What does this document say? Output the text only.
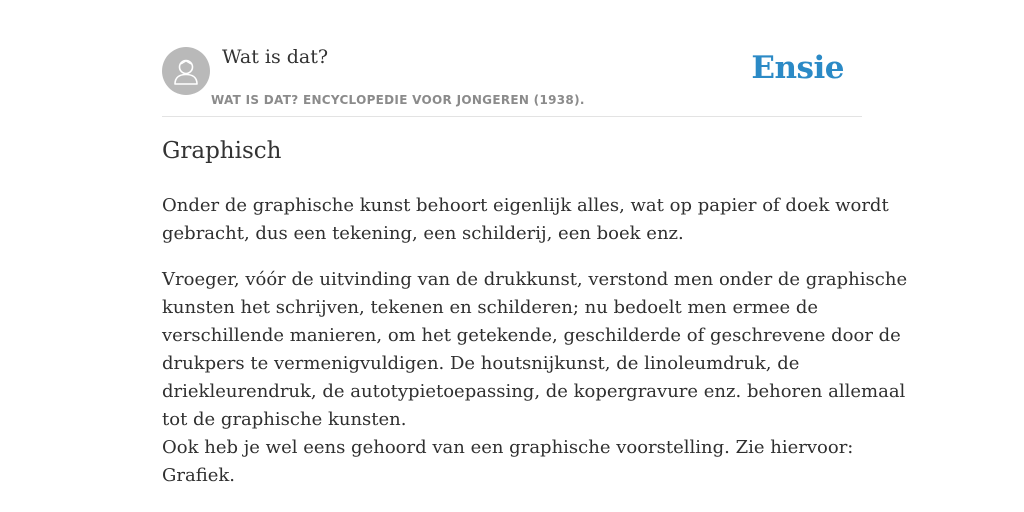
Wat is dat?
WAT IS DAT? ENCYCLOPEDIE VOOR JONGEREN (1938).
Ensie
Graphisch

Onder de graphische kunst behoort eigenlijk alles, wat op papier of doek wordt
gebracht, dus een tekening, een schilderij, een boek enz.

Vroeger, vóór de uitvinding van de drukkunst, verstond men onder de graphische
kunsten het schrijven, tekenen en schilderen; nu bedoelt men ermee de
verschillende manieren, om het getekende, geschilderde of geschrevene door de
drukpers te vermenigvuldigen. De houtsnijkunst, de linoleumdruk, de
driekleurendruk, de autotypietoepassing, de kopergravure enz. behoren allemaal
tot de graphische kunsten.
Ook heb je wel eens gehoord van een graphische voorstelling. Zie hiervoor:
Grafiek.
